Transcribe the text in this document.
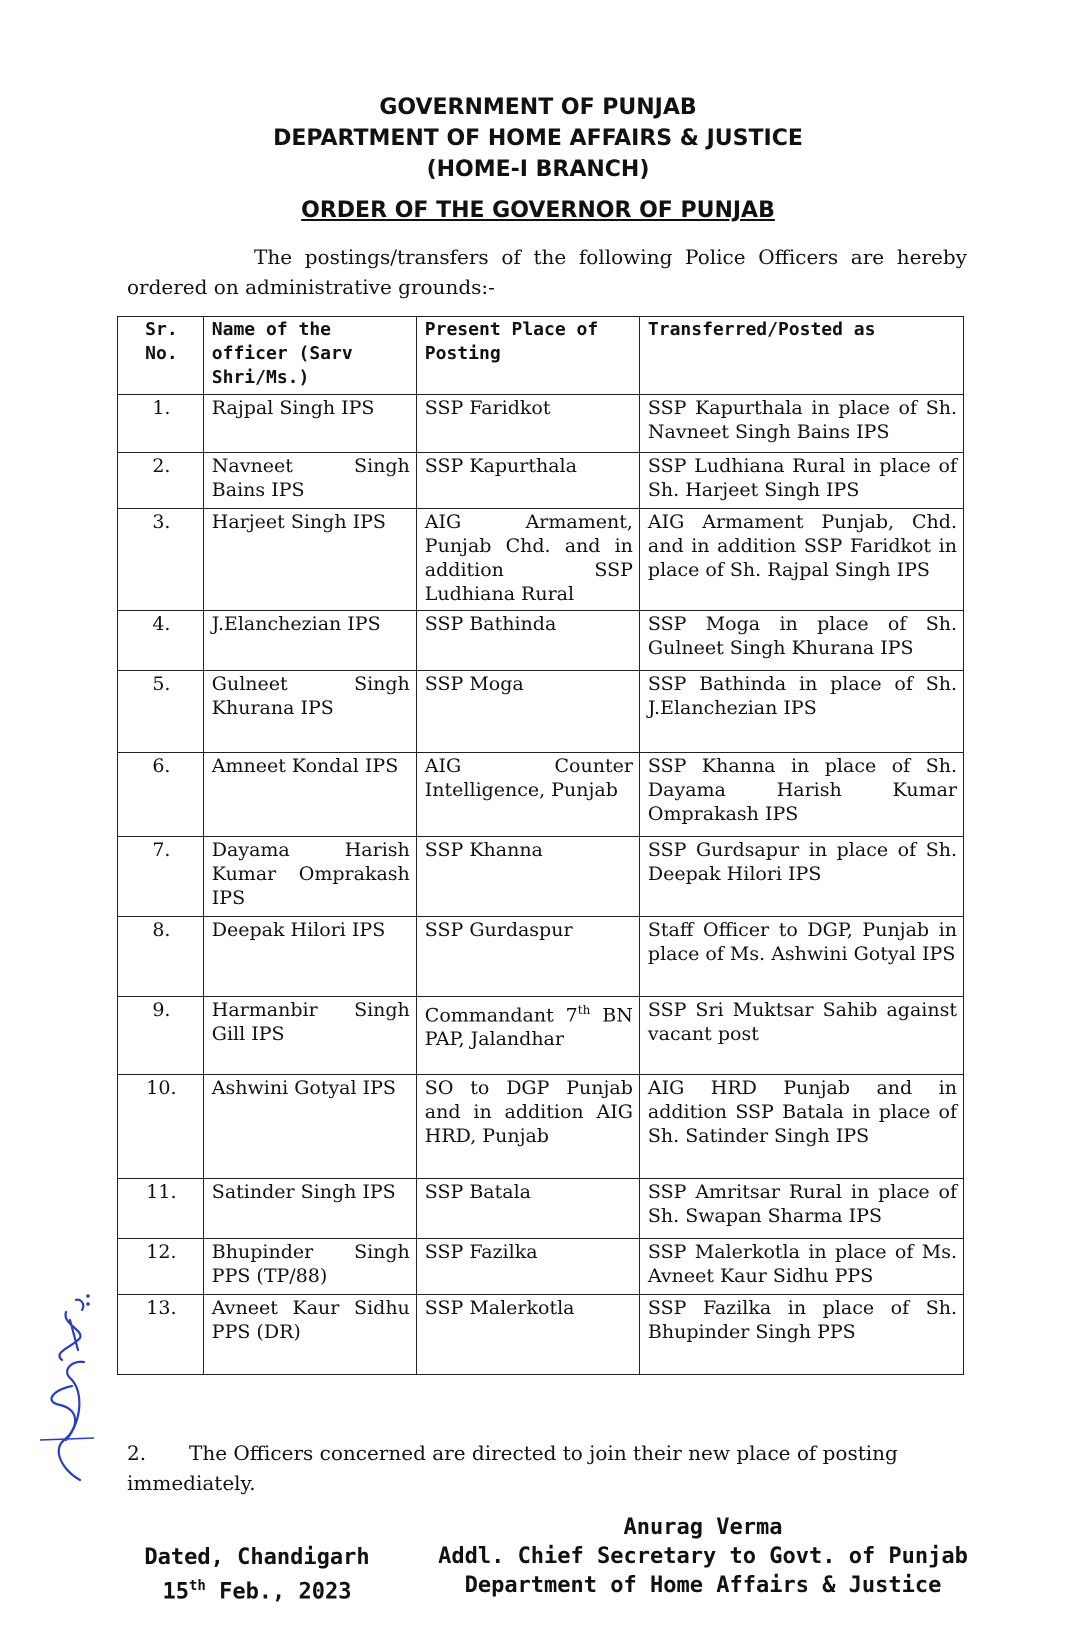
GOVERNMENT OF PUNJAB
DEPARTMENT OF HOME AFFAIRS & JUSTICE
(HOME-I BRANCH)
ORDER OF THE GOVERNOR OF PUNJAB
The postings/transfers of the following Police Officers are hereby ordered on administrative grounds:-
Sr. No.	Name of the officer (Sarv Shri/Ms.)	Present Place of Posting	Transferred/Posted as
1.	Rajpal Singh IPS	SSP Faridkot	SSP Kapurthala in place of Sh. Navneet Singh Bains IPS
2.	Navneet Singh Bains IPS	SSP Kapurthala	SSP Ludhiana Rural in place of Sh. Harjeet Singh IPS
3.	Harjeet Singh IPS	AIG Armament, Punjab Chd. and in addition SSP Ludhiana Rural	AIG Armament Punjab, Chd. and in addition SSP Faridkot in place of Sh. Rajpal Singh IPS
4.	J.Elanchezian IPS	SSP Bathinda	SSP Moga in place of Sh. Gulneet Singh Khurana IPS
5.	Gulneet Singh Khurana IPS	SSP Moga	SSP Bathinda in place of Sh. J.Elanchezian IPS
6.	Amneet Kondal IPS	AIG Counter Intelligence, Punjab	SSP Khanna in place of Sh. Dayama Harish Kumar Omprakash IPS
7.	Dayama Harish Kumar Omprakash IPS	SSP Khanna	SSP Gurdsapur in place of Sh. Deepak Hilori IPS
8.	Deepak Hilori IPS	SSP Gurdaspur	Staff Officer to DGP, Punjab in place of Ms. Ashwini Gotyal IPS
9.	Harmanbir Singh Gill IPS	Commandant 7th BN PAP, Jalandhar	SSP Sri Muktsar Sahib against vacant post
10.	Ashwini Gotyal IPS	SO to DGP Punjab and in addition AIG HRD, Punjab	AIG HRD Punjab and in addition SSP Batala in place of Sh. Satinder Singh IPS
11.	Satinder Singh IPS	SSP Batala	SSP Amritsar Rural in place of Sh. Swapan Sharma IPS
12.	Bhupinder Singh PPS (TP/88)	SSP Fazilka	SSP Malerkotla in place of Ms. Avneet Kaur Sidhu PPS
13.	Avneet Kaur Sidhu PPS (DR)	SSP Malerkotla	SSP Fazilka in place of Sh. Bhupinder Singh PPS
2. The Officers concerned are directed to join their new place of posting immediately.
Anurag Verma
Addl. Chief Secretary to Govt. of Punjab
Department of Home Affairs & Justice
Dated, Chandigarh
15th Feb., 2023
